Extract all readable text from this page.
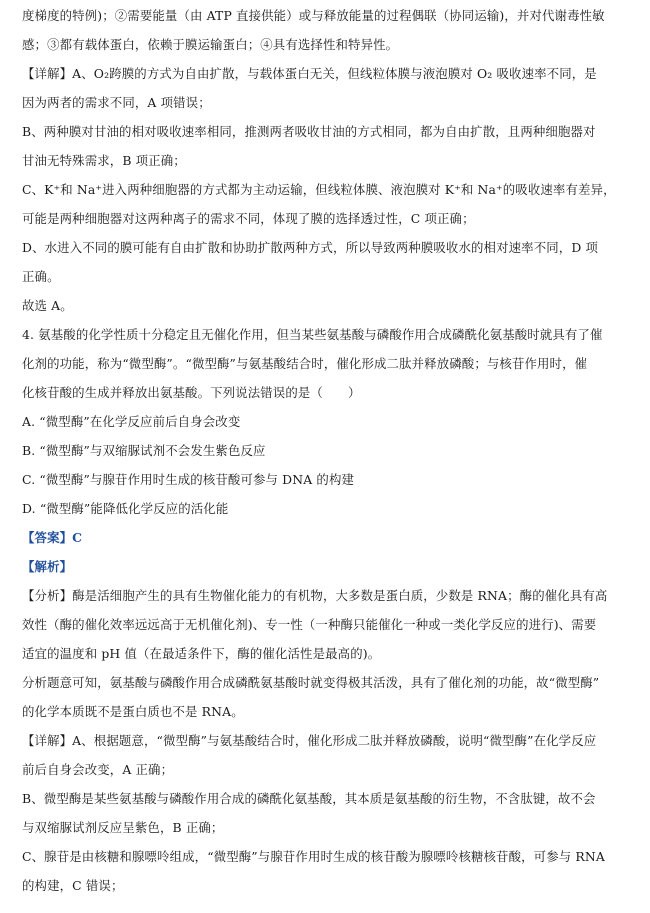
度梯度的特例)；②需要能量（由 ATP 直接供能）或与释放能量的过程偶联（协同运输)，并对代谢毒性敏
感；③都有载体蛋白，依赖于膜运输蛋白；④具有选择性和特异性。
【详解】A、O₂跨膜的方式为自由扩散，与载体蛋白无关，但线粒体膜与液泡膜对 O₂ 吸收速率不同，是
因为两者的需求不同，A 项错误；
B、两种膜对甘油的相对吸收速率相同，推测两者吸收甘油的方式相同，都为自由扩散，且两种细胞器对
甘油无特殊需求，B 项正确；
C、K⁺和 Na⁺进入两种细胞器的方式都为主动运输，但线粒体膜、液泡膜对 K⁺和 Na⁺的吸收速率有差异，
可能是两种细胞器对这两种离子的需求不同，体现了膜的选择透过性，C 项正确；
D、水进入不同的膜可能有自由扩散和协助扩散两种方式，所以导致两种膜吸收水的相对速率不同，D 项
正确。
故选 A。
4. 氨基酸的化学性质十分稳定且无催化作用，但当某些氨基酸与磷酸作用合成磷酰化氨基酸时就具有了催
化剂的功能，称为“微型酶”。“微型酶”与氨基酸结合时，催化形成二肽并释放磷酸；与核苷作用时，催
化核苷酸的生成并释放出氨基酸。下列说法错误的是（　　）
A. “微型酶”在化学反应前后自身会改变
B. “微型酶”与双缩脲试剂不会发生紫色反应
C. “微型酶”与腺苷作用时生成的核苷酸可参与 DNA 的构建
D. “微型酶”能降低化学反应的活化能
【答案】C
【解析】
【分析】酶是活细胞产生的具有生物催化能力的有机物，大多数是蛋白质，少数是 RNA；酶的催化具有高
效性（酶的催化效率远远高于无机催化剂)、专一性（一种酶只能催化一种或一类化学反应的进行)、需要
适宜的温度和 pH 值（在最适条件下，酶的催化活性是最高的)。
分析题意可知，氨基酸与磷酸作用合成磷酰氨基酸时就变得极其活泼，具有了催化剂的功能，故“微型酶”
的化学本质既不是蛋白质也不是 RNA。
【详解】A、根据题意，“微型酶”与氨基酸结合时，催化形成二肽并释放磷酸，说明“微型酶”在化学反应
前后自身会改变，A 正确；
B、微型酶是某些氨基酸与磷酸作用合成的磷酰化氨基酸，其本质是氨基酸的衍生物，不含肽键，故不会
与双缩脲试剂反应呈紫色，B 正确；
C、腺苷是由核糖和腺嘌呤组成，“微型酶”与腺苷作用时生成的核苷酸为腺嘌呤核糖核苷酸，可参与 RNA
的构建，C 错误；
